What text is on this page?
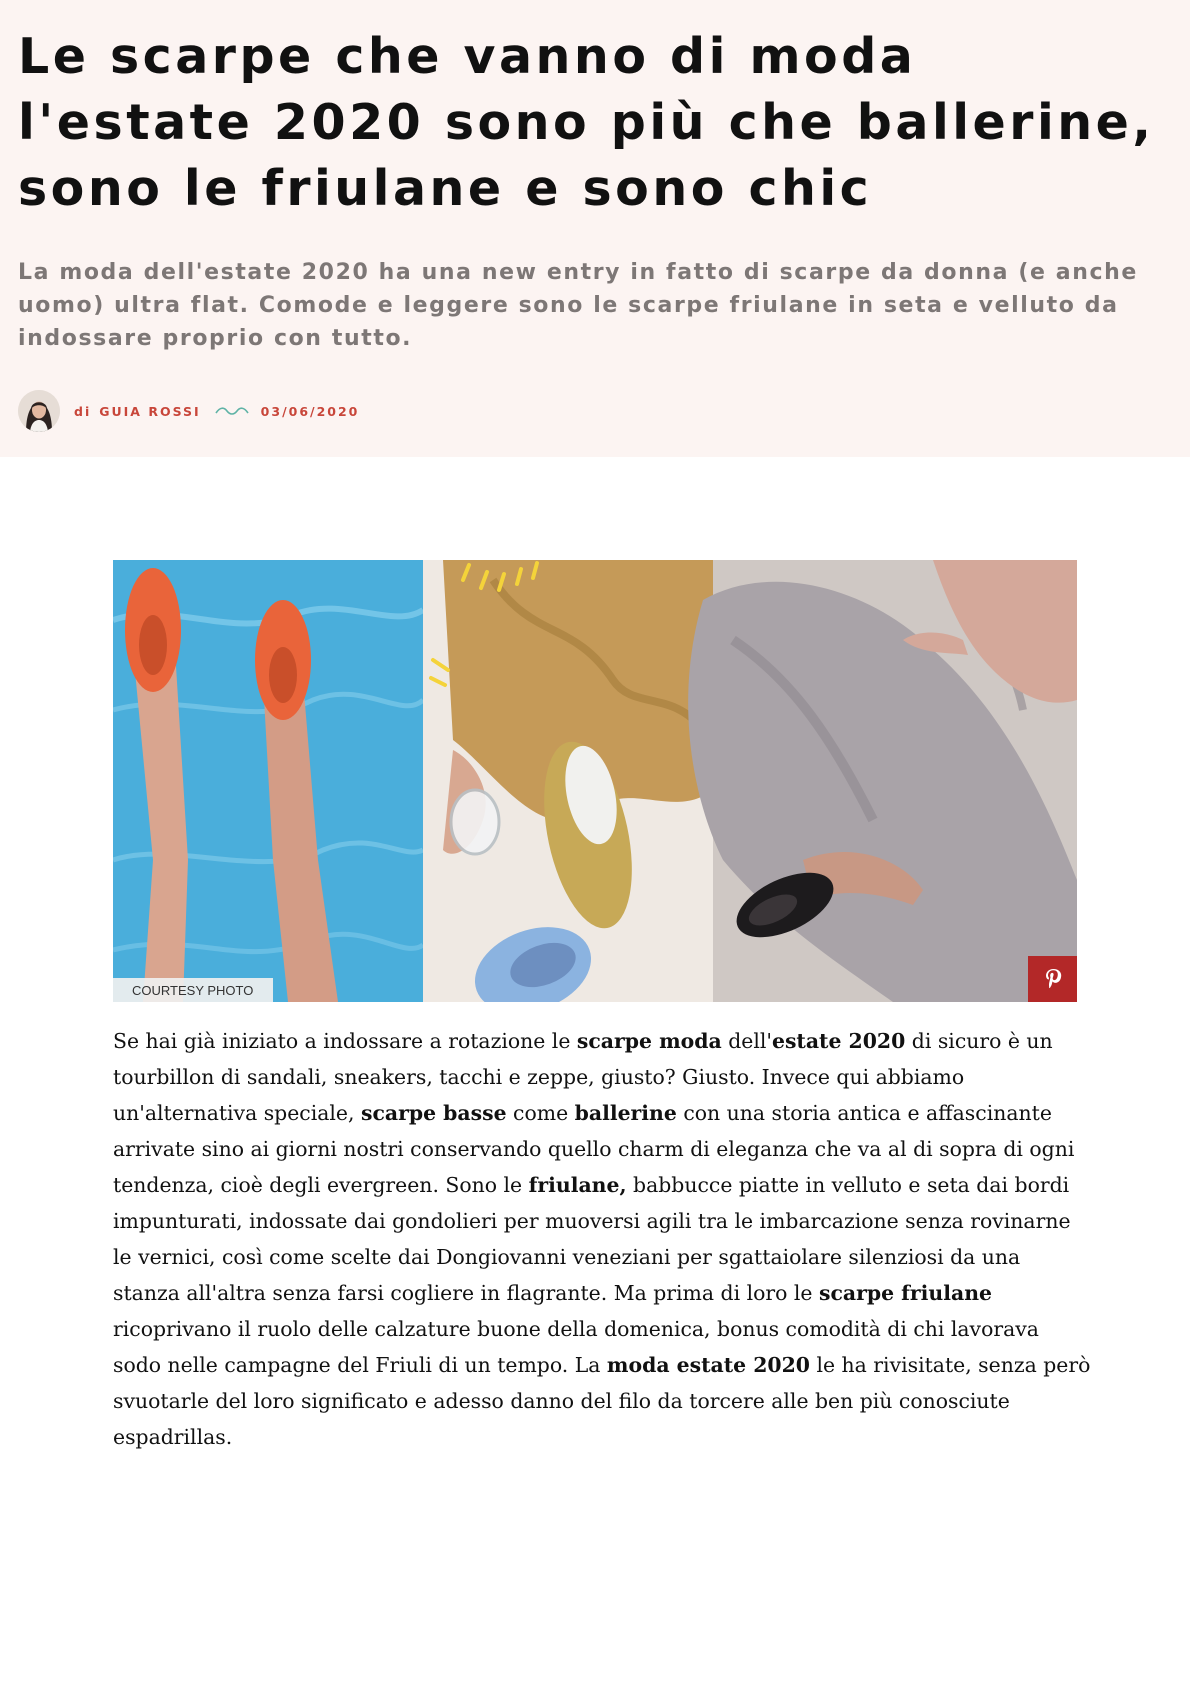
Le scarpe che vanno di moda l'estate 2020 sono più che ballerine, sono le friulane e sono chic

La moda dell'estate 2020 ha una new entry in fatto di scarpe da donna (e anche uomo) ultra flat. Comode e leggere sono le scarpe friulane in seta e velluto da indossare proprio con tutto.

di GUIA ROSSI	03/06/2020
COURTESY PHOTO

Se hai già iniziato a indossare a rotazione le scarpe moda dell'estate 2020 di sicuro è un tourbillon di sandali, sneakers, tacchi e zeppe, giusto? Giusto. Invece qui abbiamo un'alternativa speciale, scarpe basse come ballerine con una storia antica e affascinante arrivate sino ai giorni nostri conservando quello charm di eleganza che va al di sopra di ogni tendenza, cioè degli evergreen. Sono le friulane, babbucce piatte in velluto e seta dai bordi impunturati, indossate dai gondolieri per muoversi agili tra le imbarcazione senza rovinarne le vernici, così come scelte dai Dongiovanni veneziani per sgattaiolare silenziosi da una stanza all'altra senza farsi cogliere in flagrante. Ma prima di loro le scarpe friulane ricoprivano il ruolo delle calzature buone della domenica, bonus comodità di chi lavorava sodo nelle campagne del Friuli di un tempo. La moda estate 2020 le ha rivisitate, senza però svuotarle del loro significato e adesso danno del filo da torcere alle ben più conosciute espadrillas.
